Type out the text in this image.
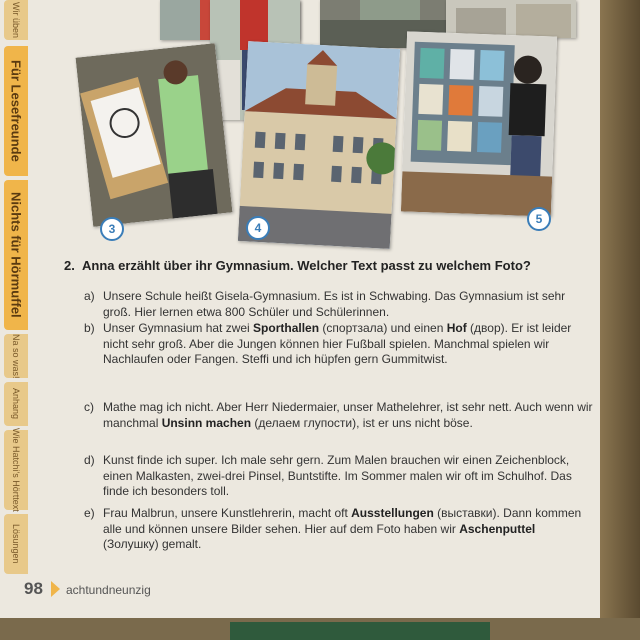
Wir üben
Für Lesefreunde
Nichts für Hörmuffel
Na so was!
Anhang
Wie Hatchi's Hörttext
Lösungen
3	4
5
2. Anna erzählt über ihr Gymnasium. Welcher Text passt zu welchem Foto?
a) Unsere Schule heißt Gisela-Gymnasium. Es ist in Schwabing. Das Gymnasium ist sehr groß. Hier lernen etwa 800 Schüler und Schülerinnen.
b) Unser Gymnasium hat zwei Sporthallen (спортзала) und einen Hof (двор). Er ist leider nicht sehr groß. Aber die Jungen können hier Fußball spielen. Manchmal spielen wir Nachlaufen oder Fangen. Steffi und ich hüpfen gern Gummitwist.
c) Mathe mag ich nicht. Aber Herr Niedermaier, unser Mathelehrer, ist sehr nett. Auch wenn wir manchmal Unsinn machen (делаем глупости), ist er uns nicht böse.
d) Kunst finde ich super. Ich male sehr gern. Zum Malen brauchen wir einen Zeichenblock, einen Malkasten, zwei-drei Pinsel, Buntstifte. Im Sommer malen wir oft im Schulhof. Das finde ich besonders toll.
e) Frau Malbrun, unsere Kunstlehrerin, macht oft Ausstellungen (выставки). Dann kommen alle und können unsere Bilder sehen. Hier auf dem Foto haben wir Aschenputtel (Золушку) gemalt.
98 achtundneunzig
